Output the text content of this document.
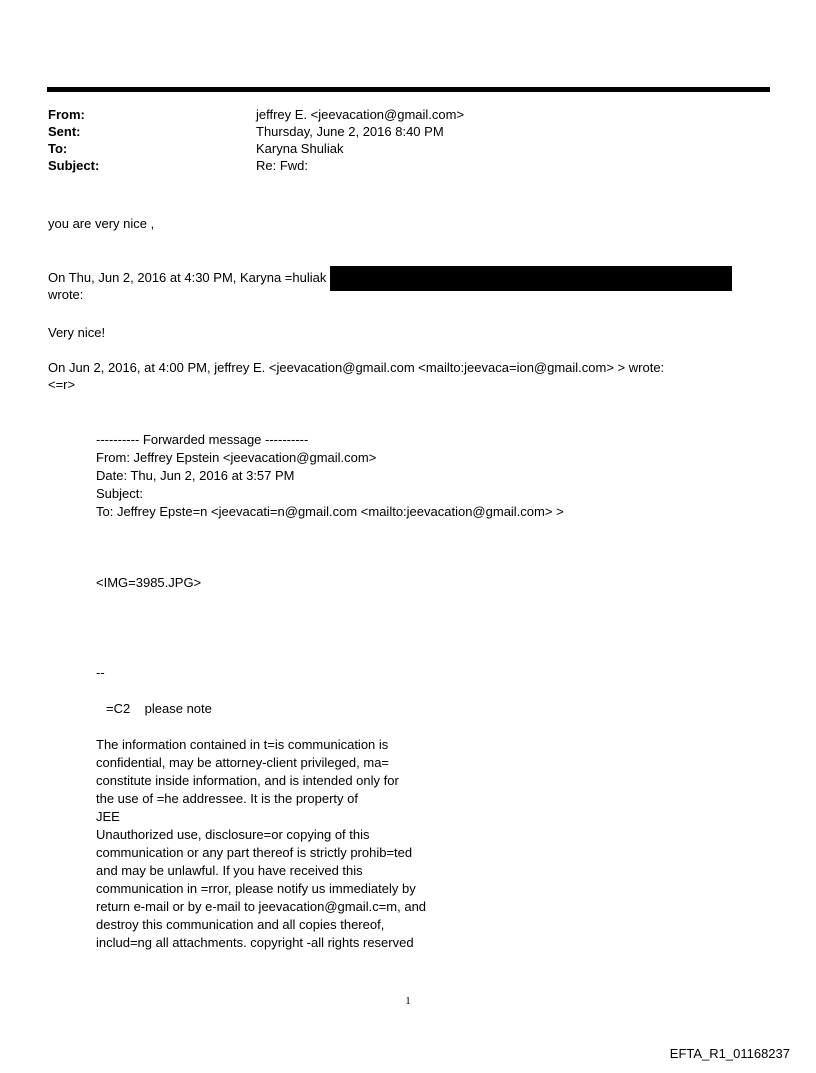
From:	jeffrey E. <jeevacation@gmail.com>
Sent:	Thursday, June 2, 2016 8:40 PM
To:	Karyna Shuliak
Subject:	Re: Fwd:
you are very nice ,
On Thu, Jun 2, 2016 at 4:30 PM, Karyna =huliak
wrote:
Very nice!
On Jun 2, 2016, at 4:00 PM, jeffrey E. <jeevacation@gmail.com <mailto:jeevaca=ion@gmail.com> > wrote:
<=r>
---------- Forwarded message ----------
From: Jeffrey Epstein <jeevacation@gmail.com>
Date: Thu, Jun 2, 2016 at 3:57 PM
Subject:
To: Jeffrey Epste=n <jeevacati=n@gmail.com <mailto:jeevacation@gmail.com> >
<IMG=3985.JPG>
--
=C2    please note
The information contained in t=is communication is
confidential, may be attorney-client privileged, ma=
constitute inside information, and is intended only for
the use of =he addressee. It is the property of
JEE
Unauthorized use, disclosure=or copying of this
communication or any part thereof is strictly prohib=ted
and may be unlawful. If you have received this
communication in =rror, please notify us immediately by
return e-mail or by e-mail to jeevacation@gmail.c=m, and
destroy this communication and all copies thereof,
includ=ng all attachments. copyright -all rights reserved
1
EFTA_R1_01168237
